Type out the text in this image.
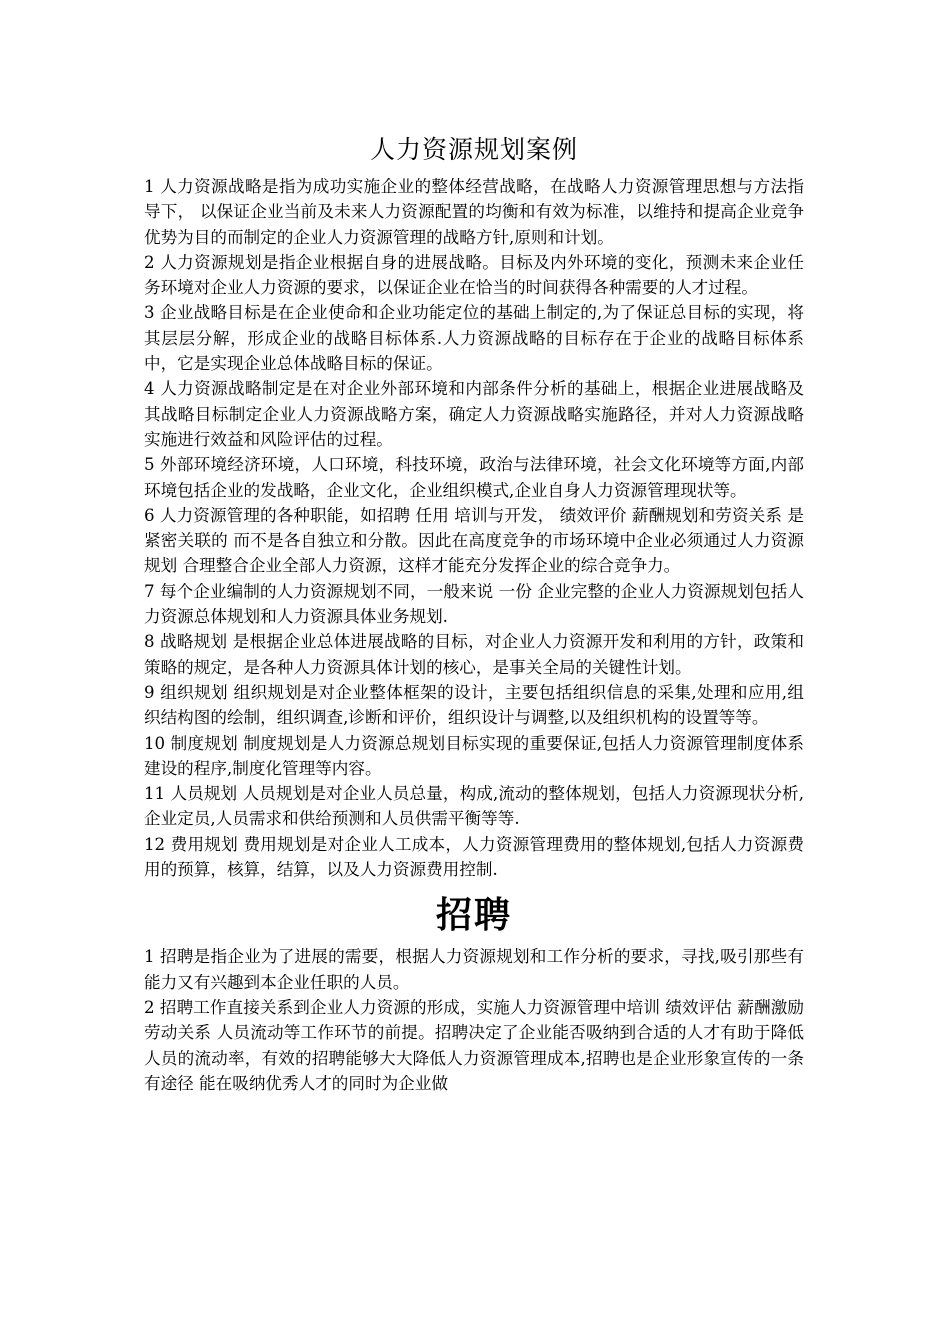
人力资源规划案例

1 人力资源战略是指为成功实施企业的整体经营战略，在战略人力资源管理思想与方法指导下， 以保证企业当前及未来人力资源配置的均衡和有效为标准，以维持和提高企业竞争优势为目的而制定的企业人力资源管理的战略方针,原则和计划。

2 人力资源规划是指企业根据自身的进展战略。目标及内外环境的变化，预测未来企业任务环境对企业人力资源的要求，以保证企业在恰当的时间获得各种需要的人才过程。

3 企业战略目标是在企业使命和企业功能定位的基础上制定的,为了保证总目标的实现，将其层层分解，形成企业的战略目标体系.人力资源战略的目标存在于企业的战略目标体系中，它是实现企业总体战略目标的保证。

4 人力资源战略制定是在对企业外部环境和内部条件分析的基础上，根据企业进展战略及其战略目标制定企业人力资源战略方案，确定人力资源战略实施路径，并对人力资源战略实施进行效益和风险评估的过程。

5 外部环境经济环境，人口环境，科技环境，政治与法律环境，社会文化环境等方面,内部环境包括企业的发战略，企业文化，企业组织模式,企业自身人力资源管理现状等。

6 人力资源管理的各种职能，如招聘 任用 培训与开发， 绩效评价 薪酬规划和劳资关系 是紧密关联的 而不是各自独立和分散。因此在高度竞争的市场环境中企业必须通过人力资源规划 合理整合企业全部人力资源，这样才能充分发挥企业的综合竞争力。

7 每个企业编制的人力资源规划不同，一般来说 一份 企业完整的企业人力资源规划包括人力资源总体规划和人力资源具体业务规划.

8 战略规划 是根据企业总体进展战略的目标，对企业人力资源开发和利用的方针，政策和策略的规定，是各种人力资源具体计划的核心，是事关全局的关键性计划。

9 组织规划 组织规划是对企业整体框架的设计，主要包括组织信息的采集,处理和应用,组织结构图的绘制，组织调查,诊断和评价，组织设计与调整,以及组织机构的设置等等。

10 制度规划 制度规划是人力资源总规划目标实现的重要保证,包括人力资源管理制度体系建设的程序,制度化管理等内容。

11 人员规划 人员规划是对企业人员总量，构成,流动的整体规划，包括人力资源现状分析,企业定员,人员需求和供给预测和人员供需平衡等等.

12 费用规划 费用规划是对企业人工成本，人力资源管理费用的整体规划,包括人力资源费用的预算，核算，结算，以及人力资源费用控制.

招聘

1 招聘是指企业为了进展的需要，根据人力资源规划和工作分析的要求，寻找,吸引那些有能力又有兴趣到本企业任职的人员。

2 招聘工作直接关系到企业人力资源的形成，实施人力资源管理中培训 绩效评估 薪酬激励 劳动关系 人员流动等工作环节的前提。招聘决定了企业能否吸纳到合适的人才有助于降低人员的流动率，有效的招聘能够大大降低人力资源管理成本,招聘也是企业形象宣传的一条有途径 能在吸纳优秀人才的同时为企业做
